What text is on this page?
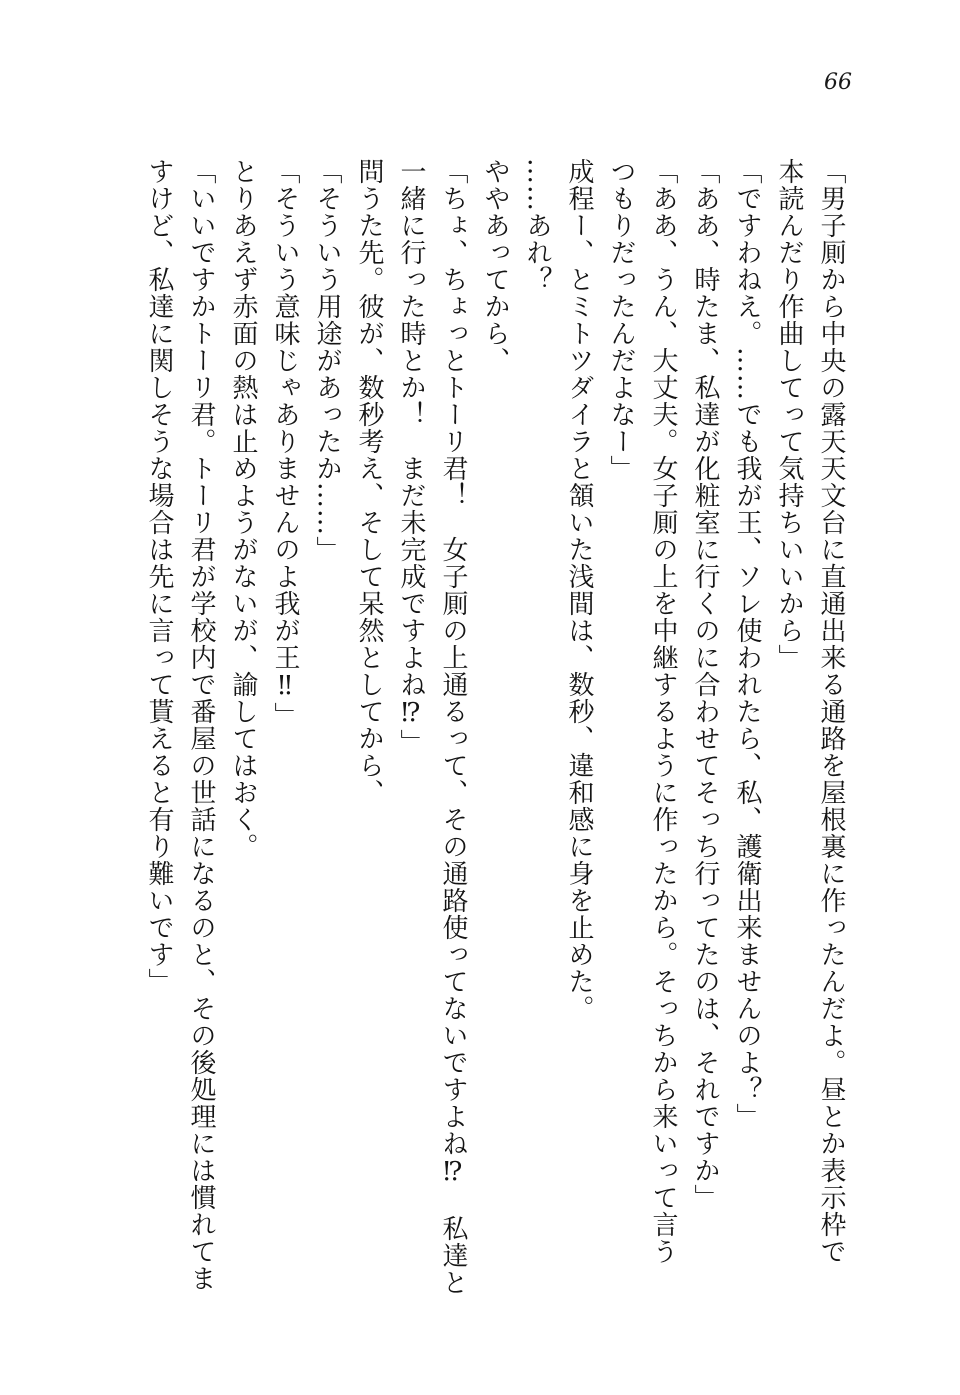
66
「男子厠から中央の露天天文台に直通出来る通路を屋根裏に作ったんだよ。昼とか表示枠で
本読んだり作曲してって気持ちいいから」
「ですわねえ。……でも我が王、ソレ使われたら、私、護衛出来ませんのよ？」
「ああ、時たま、私達が化粧室に行くのに合わせてそっち行ってたのは、それですか」
「ああ、うん、大丈夫。女子厠の上を中継するように作ったから。そっちから来いって言う
つもりだったんだよなー」
成程ー、とミトツダイラと頷いた浅間は、数秒、違和感に身を止めた。
……あれ？
ややあってから、
「ちょ、ちょっとトーリ君！　女子厠の上通るって、その通路使ってないですよね⁉　私達と
一緒に行った時とか！　まだ未完成ですよね⁉」
問うた先。彼が、数秒考え、そして呆然としてから、
「そういう用途があったか……」
「そういう意味じゃありませんのよ我が王‼」
とりあえず赤面の熱は止めようがないが、諭してはおく。
「いいですかトーリ君。トーリ君が学校内で番屋の世話になるのと、その後処理には慣れてま
すけど、私達に関しそうな場合は先に言って貰えると有り難いです」
